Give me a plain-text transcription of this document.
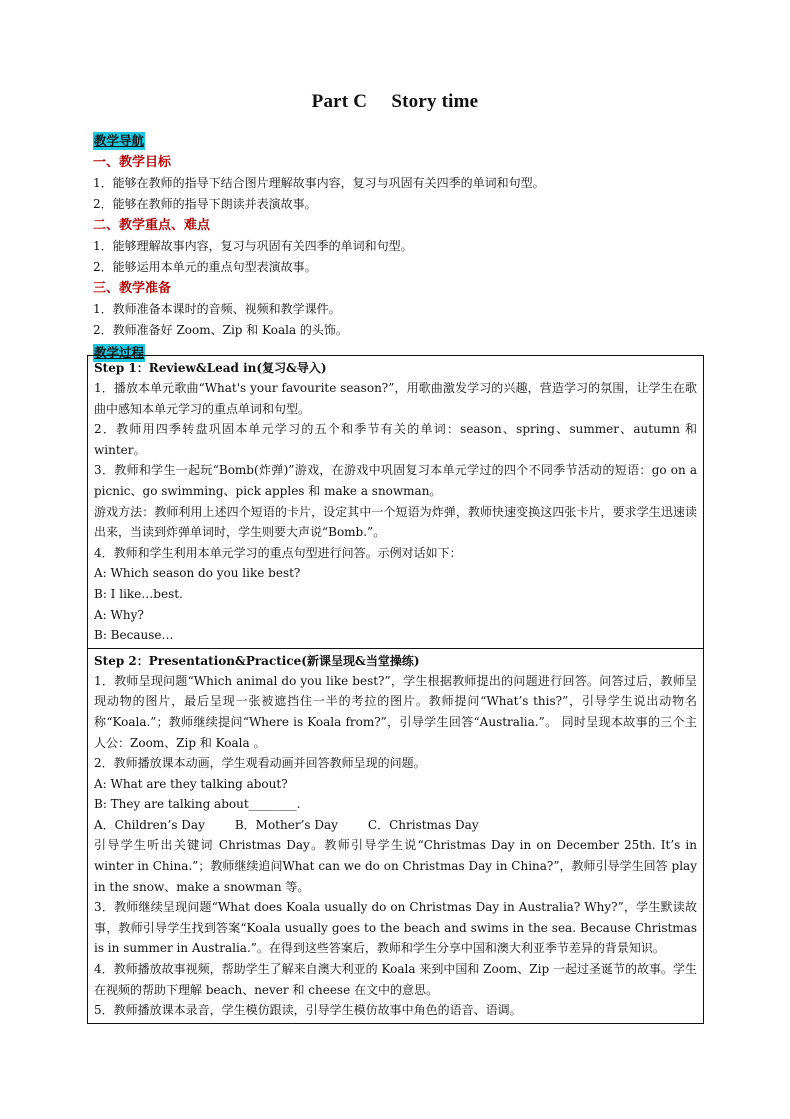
Part C　 Story time
教学导航
一、教学目标
1．能够在教师的指导下结合图片理解故事内容，复习与巩固有关四季的单词和句型。
2．能够在教师的指导下朗读并表演故事。
二、教学重点、难点
1．能够理解故事内容，复习与巩固有关四季的单词和句型。
2．能够运用本单元的重点句型表演故事。
三、教学准备
1．教师准备本课时的音频、视频和教学课件。
2．教师准备好 Zoom、Zip 和 Koala 的头饰。
教学过程
Step 1：Review&Lead in(复习&导入)
1．播放本单元歌曲“What's your favourite season?”，用歌曲激发学习的兴趣，营造学习的氛围，让学生在歌曲中感知本单元学习的重点单词和句型。
2．教师用四季转盘巩固本单元学习的五个和季节有关的单词：season、spring、summer、autumn 和 winter。
3．教师和学生一起玩“Bomb(炸弹)”游戏，在游戏中巩固复习本单元学过的四个不同季节活动的短语：go on a picnic、go swimming、pick apples 和 make a snowman。
游戏方法：教师利用上述四个短语的卡片，设定其中一个短语为炸弹，教师快速变换这四张卡片，要求学生迅速读出来，当读到炸弹单词时，学生则要大声说“Bomb.”。
4．教师和学生利用本单元学习的重点句型进行问答。示例对话如下：
A: Which season do you like best?
B: I like…best.
A: Why?
B: Because…
Step 2：Presentation&Practice(新课呈现&当堂操练)
1．教师呈现问题“Which animal do you like best?”，学生根据教师提出的问题进行回答。问答过后，教师呈现动物的图片，最后呈现一张被遮挡住一半的考拉的图片。教师提问“What’s this?”，引导学生说出动物名称“Koala.”；教师继续提问“Where is Koala from?”，引导学生回答“Australia.”。 同时呈现本故事的三个主人公：Zoom、Zip 和 Koala 。
2．教师播放课本动画，学生观看动画并回答教师呈现的问题。
A: What are they talking about?
B: They are talking about________.
A．Children’s Day	B．Mother’s Day	C．Christmas Day
引导学生听出关键词 Christmas Day。教师引导学生说“Christmas Day in on December 25th. It’s in winter in China.”；教师继续追问What can we do on Christmas Day in China?”，教师引导学生回答 play in the snow、make a snowman 等。
3．教师继续呈现问题“What does Koala usually do on Christmas Day in Australia? Why?”，学生默读故事，教师引导学生找到答案“Koala usually goes to the beach and swims in the sea. Because Christmas is in summer in Australia.”。在得到这些答案后，教师和学生分享中国和澳大利亚季节差异的背景知识。
4．教师播放故事视频，帮助学生了解来自澳大利亚的 Koala 来到中国和 Zoom、Zip 一起过圣诞节的故事。学生在视频的帮助下理解 beach、never 和 cheese 在文中的意思。
5．教师播放课本录音，学生模仿跟读，引导学生模仿故事中角色的语音、语调。
